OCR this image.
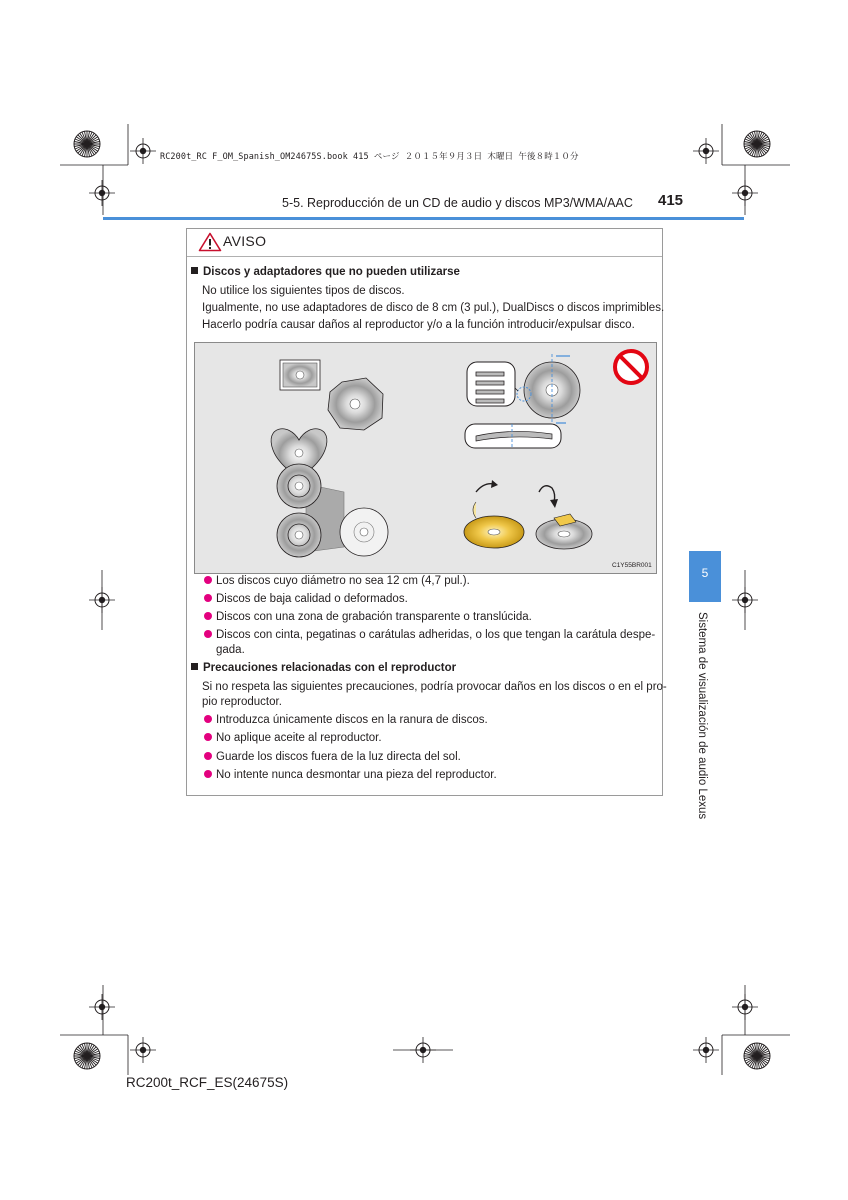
RC200t_RC F_OM_Spanish_OM24675S.book 415 ページ ２０１５年９月３日 木曜日 午後８時１０分
5-5. Reproducción de un CD de audio y discos MP3/WMA/AAC 415
5
Sistema de visualización de audio Lexus
AVISO
Discos y adaptadores que no pueden utilizarse
No utilice los siguientes tipos de discos.
Igualmente, no use adaptadores de disco de 8 cm (3 pul.), DualDiscs o discos imprimibles.
Hacerlo podría causar daños al reproductor y/o a la función introducir/expulsar disco.
C1Y55BR001
Los discos cuyo diámetro no sea 12 cm (4,7 pul.).
Discos de baja calidad o deformados.
Discos con una zona de grabación transparente o translúcida.
Discos con cinta, pegatinas o carátulas adheridas, o los que tengan la carátula despe-
gada.
Precauciones relacionadas con el reproductor
Si no respeta las siguientes precauciones, podría provocar daños en los discos o en el pro-
pio reproductor.
Introduzca únicamente discos en la ranura de discos.
No aplique aceite al reproductor.
Guarde los discos fuera de la luz directa del sol.
No intente nunca desmontar una pieza del reproductor.
RC200t_RCF_ES(24675S)
